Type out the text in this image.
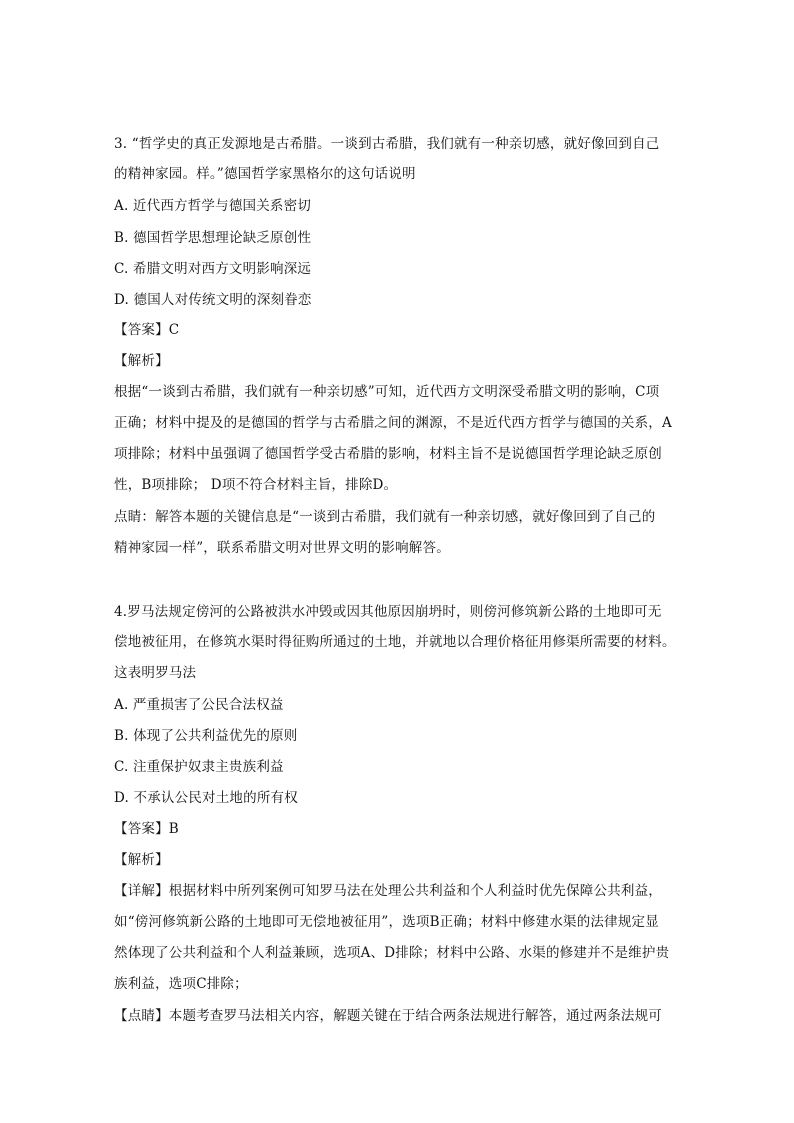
3. “哲学史的真正发源地是古希腊。一谈到古希腊，我们就有一种亲切感，就好像回到自己
的精神家园。样。”德国哲学家黑格尔的这句话说明
A. 近代西方哲学与德国关系密切
B. 德国哲学思想理论缺乏原创性
C. 希腊文明对西方文明影响深远
D. 德国人对传统文明的深刻眷恋
【答案】C
【解析】
根据“一谈到古希腊，我们就有一种亲切感”可知，近代西方文明深受希腊文明的影响，C项
正确；材料中提及的是德国的哲学与古希腊之间的渊源，不是近代西方哲学与德国的关系，A
项排除；材料中虽强调了德国哲学受古希腊的影响，材料主旨不是说德国哲学理论缺乏原创
性，B项排除； D项不符合材料主旨，排除D。
点睛：解答本题的关键信息是“一谈到古希腊，我们就有一种亲切感，就好像回到了自己的
精神家园一样”，联系希腊文明对世界文明的影响解答。
4.罗马法规定傍河的公路被洪水冲毁或因其他原因崩坍时，则傍河修筑新公路的土地即可无
偿地被征用，在修筑水渠时得征购所通过的土地，并就地以合理价格征用修渠所需要的材料。
这表明罗马法
A. 严重损害了公民合法权益
B. 体现了公共利益优先的原则
C. 注重保护奴隶主贵族利益
D. 不承认公民对土地的所有权
【答案】B
【解析】
【详解】根据材料中所列案例可知罗马法在处理公共利益和个人利益时优先保障公共利益，
如“傍河修筑新公路的土地即可无偿地被征用”，选项B正确；材料中修建水渠的法律规定显
然体现了公共利益和个人利益兼顾，选项A、D排除；材料中公路、水渠的修建并不是维护贵
族利益，选项C排除；
【点睛】本题考查罗马法相关内容，解题关键在于结合两条法规进行解答，通过两条法规可
